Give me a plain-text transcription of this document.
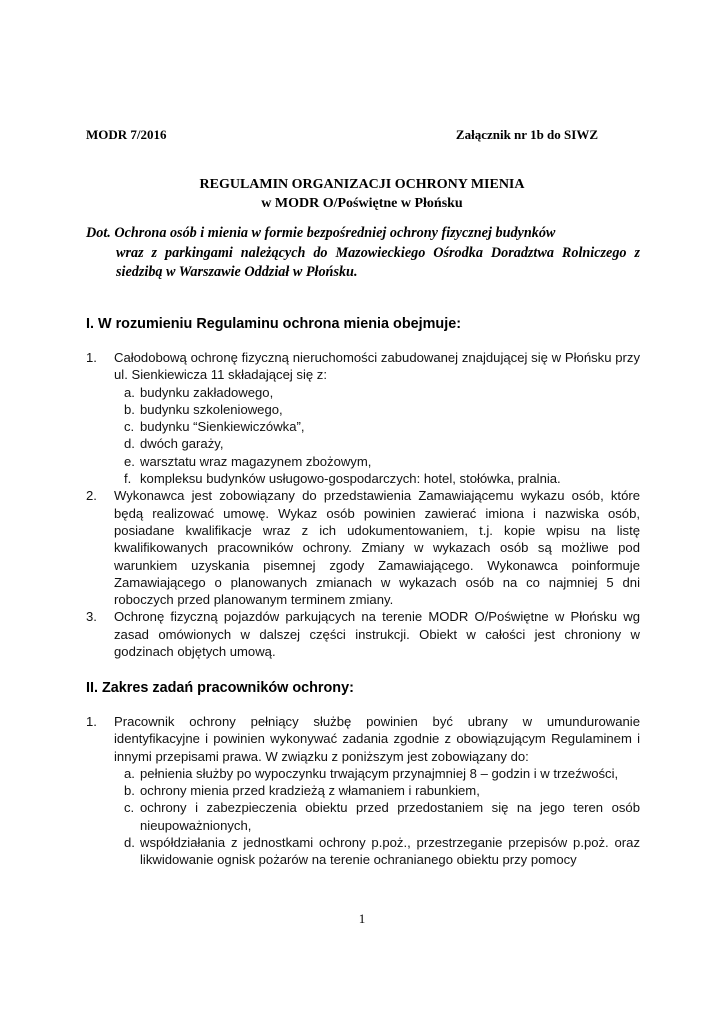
MODR 7/2016	Załącznik nr 1b do SIWZ
REGULAMIN ORGANIZACJI OCHRONY MIENIA
w MODR O/Poświętne w Płońsku
Dot. Ochrona osób i mienia w formie bezpośredniej ochrony fizycznej budynków
wraz z parkingami należących do Mazowieckiego Ośrodka Doradztwa Rolniczego z siedzibą w Warszawie Oddział w Płońsku.
I. W rozumieniu Regulaminu ochrona mienia obejmuje:
1. Całodobową ochronę fizyczną nieruchomości zabudowanej znajdującej się w Płońsku przy ul. Sienkiewicza 11 składającej się z:
a. budynku zakładowego,
b. budynku szkoleniowego,
c. budynku “Sienkiewiczówka”,
d. dwóch garaży,
e. warsztatu wraz magazynem zbożowym,
f. kompleksu budynków usługowo-gospodarczych: hotel, stołówka, pralnia.
2. Wykonawca jest zobowiązany do przedstawienia Zamawiającemu wykazu osób, które będą realizować umowę. Wykaz osób powinien zawierać imiona i nazwiska osób, posiadane kwalifikacje wraz z ich udokumentowaniem, t.j. kopie wpisu na listę kwalifikowanych pracowników ochrony. Zmiany w wykazach osób są możliwe pod warunkiem uzyskania pisemnej zgody Zamawiającego. Wykonawca poinformuje Zamawiającego o planowanych zmianach w wykazach osób na co najmniej 5 dni roboczych przed planowanym terminem zmiany.
3. Ochronę fizyczną pojazdów parkujących na terenie MODR O/Poświętne w Płońsku wg zasad omówionych w dalszej części instrukcji. Obiekt w całości jest chroniony w godzinach objętych umową.
II. Zakres zadań pracowników ochrony:
1. Pracownik ochrony pełniący służbę powinien być ubrany w umundurowanie identyfikacyjne i powinien wykonywać zadania zgodnie z obowiązującym Regulaminem i innymi przepisami prawa. W związku z poniższym jest zobowiązany do:
a. pełnienia służby po wypoczynku trwającym przynajmniej 8 – godzin i w trzeźwości,
b. ochrony mienia przed kradzieżą z włamaniem i rabunkiem,
c. ochrony i zabezpieczenia obiektu przed przedostaniem się na jego teren osób nieupoważnionych,
d. współdziałania z jednostkami ochrony p.poż., przestrzeganie przepisów p.poż. oraz likwidowanie ognisk pożarów na terenie ochranianego obiektu przy pomocy
1
